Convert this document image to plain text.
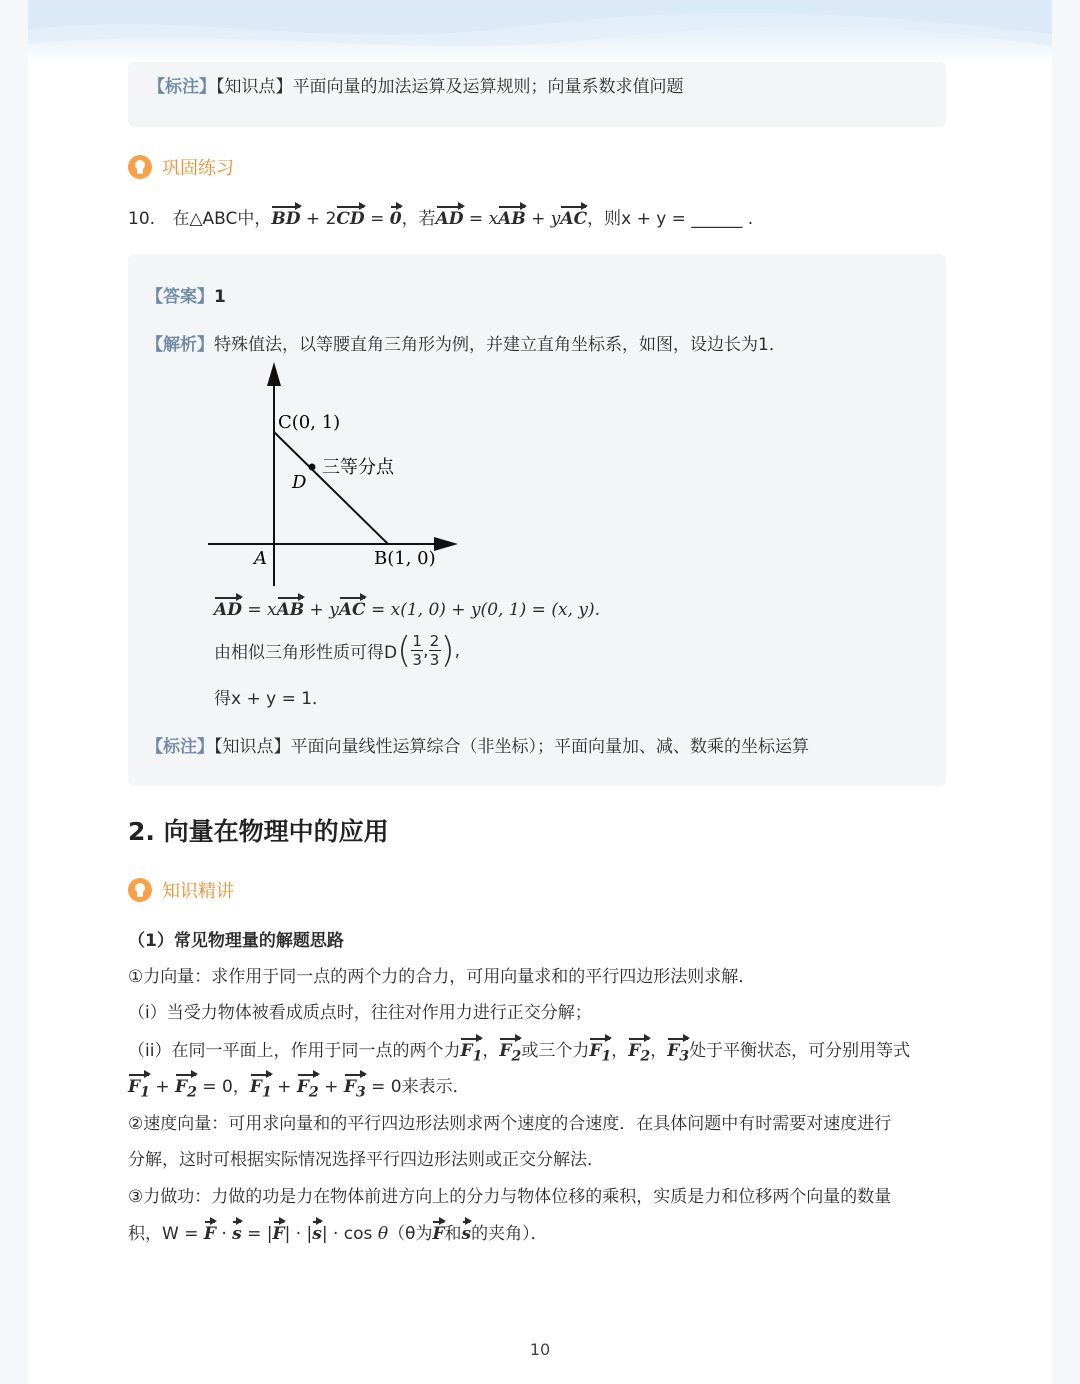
【标注】【知识点】平面向量的加法运算及运算规则；向量系数求值问题
巩固练习
10. 在△ABC中，BD + 2CD = 0，若AD = xAB + yAC，则x + y = ______ .
【答案】1
【解析】特殊值法，以等腰直角三角形为例，并建立直角坐标系，如图，设边长为1．
C(0, 1)
D
三等分点
A	B(1, 0)
AD = xAB + yAC = x(1, 0) + y(0, 1) = (x, y).
由相似三角形性质可得D ( 1
3 , 2
3 ) ,
得x + y = 1．
【标注】【知识点】平面向量线性运算综合（非坐标）；平面向量加、减、数乘的坐标运算
2. 向量在物理中的应用
知识精讲
（1）常见物理量的解题思路
①力向量：求作用于同一点的两个力的合力，可用向量求和的平行四边形法则求解．
（i）当受力物体被看成质点时，往往对作用力进行正交分解；
（ii）在同一平面上，作用于同一点的两个力$F_1$，$F_2$或三个力$F_1$，$F_2$，$F_3$处于平衡状态，可分别用等式
$F_1 + F_2 = 0$，$F_1 + F_2 + F_3 = 0$来表示．
②速度向量：可用求向量和的平行四边形法则求两个速度的合速度．在具体问题中有时需要对速度进行
分解，这时可根据实际情况选择平行四边形法则或正交分解法．
③力做功：力做的功是力在物体前进方向上的分力与物体位移的乘积，实质是力和位移两个向量的数量
积，W = F · s = |F| · |s| · cos θ（θ为F和s的夹角）．
10
